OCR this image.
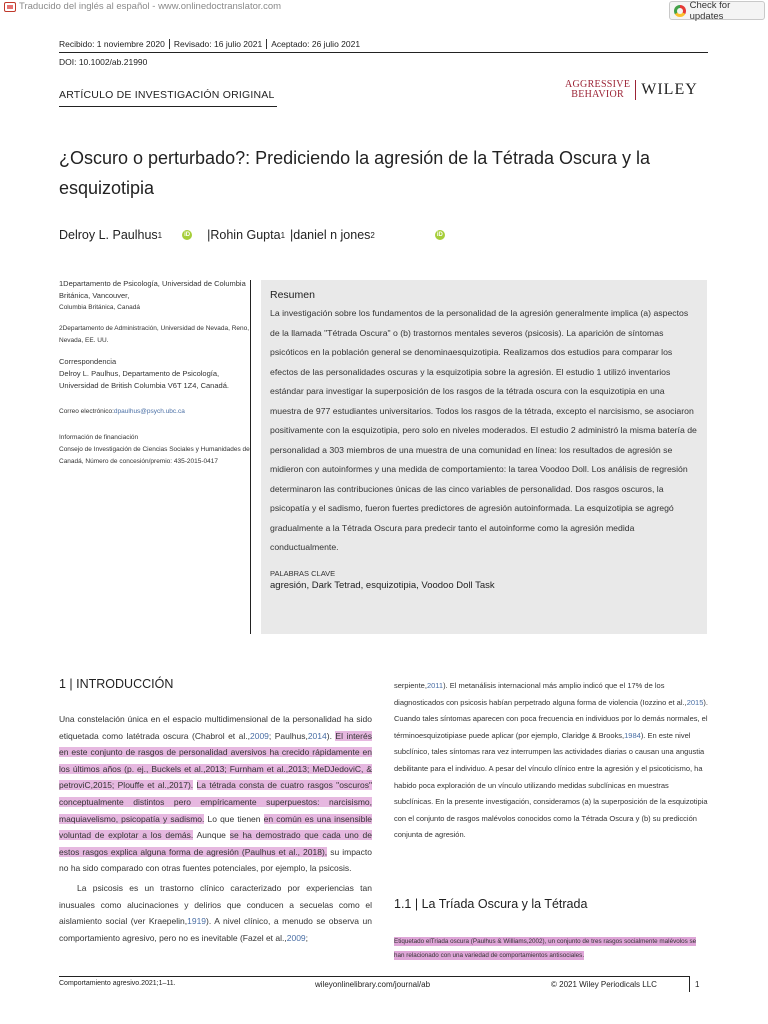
Traducido del inglés al español - www.onlinedoctranslator.com	Check for updates
Recibido: 1 noviembre 2020	Revisado: 16 julio 2021	Aceptado: 26 julio 2021
DOI: 10.1002/ab.21990
ARTÍCULO DE INVESTIGACIÓN ORIGINAL
AGGRESSIVE
BEHAVIOR	WILEY
¿Oscuro o perturbado?: Prediciendo la agresión de la Tétrada Oscura y la esquizotipia
Delroy L. Paulhus 1	iD | Rohin Gupta 1 | daniel n jones 2	iD

1Departamento de Psicología, Universidad de Columbia Británica, Vancouver,

Columbia Británica, Canadá

2Departamento de Administración, Universidad de Nevada, Reno, Nevada, EE. UU.

Correspondencia

Delroy L. Paulhus, Departamento de Psicología, Universidad de British Columbia V6T 1Z4, Canadá.

Correo electrónico:dpaulhus@psych.ubc.ca

Información de financiación

Consejo de Investigación de Ciencias Sociales y Humanidades de Canadá, Número de concesión/premio: 435-2015-0417

Resumen
La investigación sobre los fundamentos de la personalidad de la agresión generalmente implica (a) aspectos de la llamada "Tétrada Oscura" o (b) trastornos mentales severos (psicosis). La aparición de síntomas psicóticos en la población general se denominaesquizotipia. Realizamos dos estudios para comparar los efectos de las personalidades oscuras y la esquizotipia sobre la agresión. El estudio 1 utilizó inventarios estándar para investigar la superposición de los rasgos de la tétrada oscura con la esquizotipia en una muestra de 977 estudiantes universitarios. Todos los rasgos de la tétrada, excepto el narcisismo, se asociaron positivamente con la esquizotipia, pero solo en niveles moderados. El estudio 2 administró la misma batería de personalidad a 303 miembros de una muestra de una comunidad en línea: los resultados de agresión se midieron con autoinformes y una medida de comportamiento: la tarea Voodoo Doll. Los análisis de regresión determinaron las contribuciones únicas de las cinco variables de personalidad. Dos rasgos oscuros, la psicopatía y el sadismo, fueron fuertes predictores de agresión autoinformada. La esquizotipia se agregó gradualmente a la Tétrada Oscura para predecir tanto el autoinforme como la agresión medida conductualmente.
PALABRAS CLAVE
agresión, Dark Tetrad, esquizotipia, Voodoo Doll Task
1 | INTRODUCCIÓN

Una constelación única en el espacio multidimensional de la personalidad ha sido etiquetada como latétrada oscura (Chabrol et al.,2009; Paulhus,2014). El interés en este conjunto de rasgos de personalidad aversivos ha crecido rápidamente en los últimos años (p. ej., Buckels et al.,2013; Furnham et al.,2013; MeDJedoviC, & petroviC,2015; Plouffe et al.,2017). La tétrada consta de cuatro rasgos "oscuros" conceptualmente distintos pero empíricamente superpuestos: narcisismo, maquiavelismo, psicopatía y sadismo. Lo que tienen en común es una insensible voluntad de explotar a los demás. Aunque se ha demostrado que cada uno de estos rasgos explica alguna forma de agresión (Paulhus et al., 2018), su impacto no ha sido comparado con otras fuentes potenciales, por ejemplo, la psicosis.

La psicosis es un trastorno clínico caracterizado por experiencias tan inusuales como alucinaciones y delirios que conducen a secuelas como el aislamiento social (ver Kraepelin,1919). A nivel clínico, a menudo se observa un comportamiento agresivo, pero no es inevitable (Fazel et al.,2009;

serpiente,2011). El metanálisis internacional más amplio indicó que el 17% de los diagnosticados con psicosis habían perpetrado alguna forma de violencia (Iozzino et al.,2015). Cuando tales síntomas aparecen con poca frecuencia en individuos por lo demás normales, el términoesquizotipiase puede aplicar (por ejemplo, Claridge & Brooks,1984). En este nivel subclínico, tales síntomas rara vez interrumpen las actividades diarias o causan una angustia debilitante para el individuo. A pesar del vínculo clínico entre la agresión y el psicoticismo, ha habido poca exploración de un vínculo utilizando medidas subclínicas en muestras subclínicas. En la presente investigación, consideramos (a) la superposición de la esquizotipia con el conjunto de rasgos malévolos conocidos como la Tétrada Oscura y (b) su predicción conjunta de agresión.

1.1 | La Tríada Oscura y la Tétrada
Etiquetado elTriada oscura (Paulhus & Williams,2002), un conjunto de tres rasgos socialmente malévolos se han relacionado con una variedad de comportamientos antisociales.
Comportamiento agresivo.2021;1–11.	wileyonlinelibrary.com/journal/ab	© 2021 Wiley Periodicals LLC	1
